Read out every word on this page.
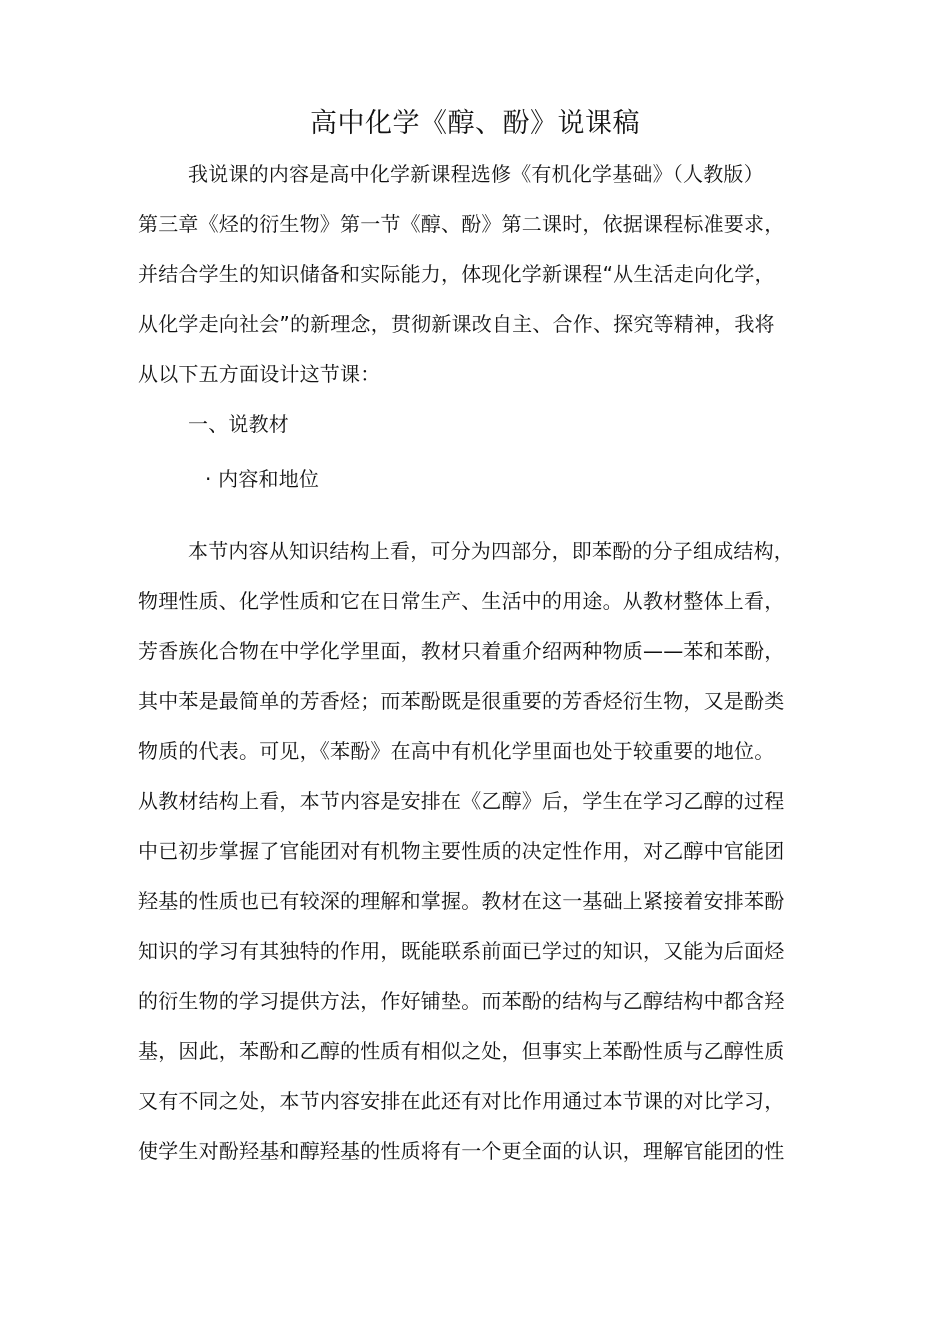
高中化学《醇、酚》说课稿
我说课的内容是高中化学新课程选修《有机化学基础》（人教版）
第三章《烃的衍生物》第一节《醇、酚》第二课时，依据课程标准要求，
并结合学生的知识储备和实际能力，体现化学新课程“从生活走向化学，
从化学走向社会”的新理念，贯彻新课改自主、合作、探究等精神，我将
从以下五方面设计这节课：
一、说教材
· 内容和地位
本节内容从知识结构上看，可分为四部分，即苯酚的分子组成结构，
物理性质、化学性质和它在日常生产、生活中的用途。从教材整体上看，
芳香族化合物在中学化学里面，教材只着重介绍两种物质——苯和苯酚，
其中苯是最简单的芳香烃；而苯酚既是很重要的芳香烃衍生物，又是酚类
物质的代表。可见，《苯酚》在高中有机化学里面也处于较重要的地位。
从教材结构上看，本节内容是安排在《乙醇》后，学生在学习乙醇的过程
中已初步掌握了官能团对有机物主要性质的决定性作用，对乙醇中官能团
羟基的性质也已有较深的理解和掌握。教材在这一基础上紧接着安排苯酚
知识的学习有其独特的作用，既能联系前面已学过的知识，又能为后面烃
的衍生物的学习提供方法，作好铺垫。而苯酚的结构与乙醇结构中都含羟
基，因此，苯酚和乙醇的性质有相似之处，但事实上苯酚性质与乙醇性质
又有不同之处，本节内容安排在此还有对比作用通过本节课的对比学习，
使学生对酚羟基和醇羟基的性质将有一个更全面的认识，理解官能团的性
